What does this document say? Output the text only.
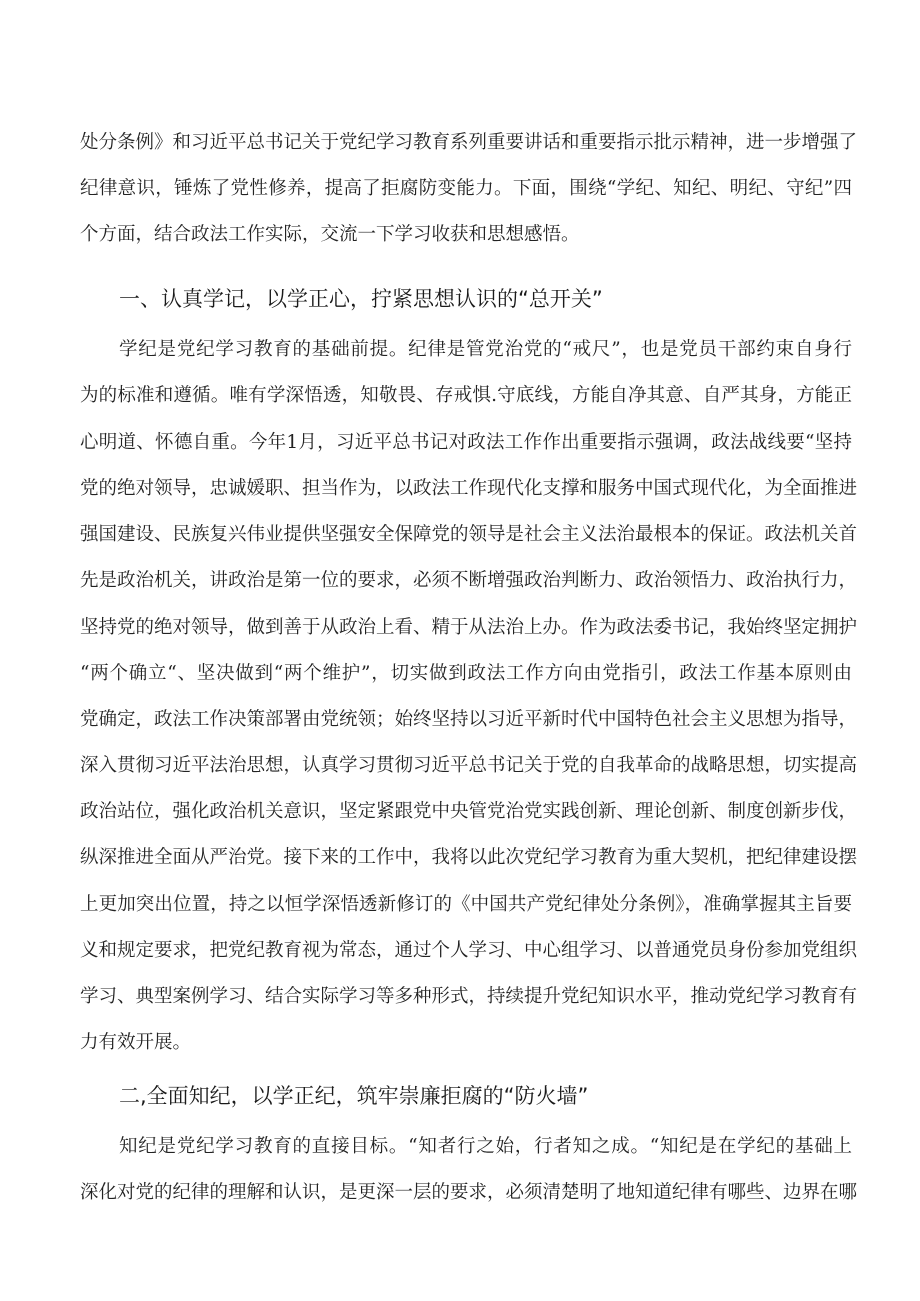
处分条例》和习近平总书记关于党纪学习教育系列重要讲话和重要指示批示精神，进一步增强了
纪律意识，锤炼了党性修养，提高了拒腐防变能力。下面，围绕“学纪、知纪、明纪、守纪”四
个方面，结合政法工作实际，交流一下学习收获和思想感悟。
一、认真学记，以学正心，拧紧思想认识的“总开关”
学纪是党纪学习教育的基础前提。纪律是管党治党的“戒尺”，也是党员干部约束自身行
为的标准和遵循。唯有学深悟透，知敬畏、存戒惧.守底线，方能自净其意、自严其身，方能正
心明道、怀德自重。今年1月，习近平总书记对政法工作作出重要指示强调，政法战线要“坚持
党的绝对领导，忠诚媛职、担当作为，以政法工作现代化支撑和服务中国式现代化，为全面推进
强国建设、民族复兴伟业提供坚强安全保障党的领导是社会主义法治最根本的保证。政法机关首
先是政治机关，讲政治是第一位的要求，必须不断增强政治判断力、政治领悟力、政治执行力，
坚持党的绝对领导，做到善于从政治上看、精于从法治上办。作为政法委书记，我始终坚定拥护
“两个确立“、坚决做到“两个维护”，切实做到政法工作方向由党指引，政法工作基本原则由
党确定，政法工作决策部署由党统领；始终坚持以习近平新时代中国特色社会主义思想为指导，
深入贯彻习近平法治思想，认真学习贯彻习近平总书记关于党的自我革命的战略思想，切实提高
政治站位，强化政治机关意识，坚定紧跟党中央管党治党实践创新、理论创新、制度创新步伐，
纵深推进全面从严治党。接下来的工作中，我将以此次党纪学习教育为重大契机，把纪律建设摆
上更加突出位置，持之以恒学深悟透新修订的《中国共产党纪律处分条例》，准确掌握其主旨要
义和规定要求，把党纪教育视为常态，通过个人学习、中心组学习、以普通党员身份参加党组织
学习、典型案例学习、结合实际学习等多种形式，持续提升党纪知识水平，推动党纪学习教育有
力有效开展。
二,全面知纪，以学正纪，筑牢崇廉拒腐的“防火墙”
知纪是党纪学习教育的直接目标。“知者行之始，行者知之成。“知纪是在学纪的基础上
深化对党的纪律的理解和认识，是更深一层的要求，必须清楚明了地知道纪律有哪些、边界在哪
